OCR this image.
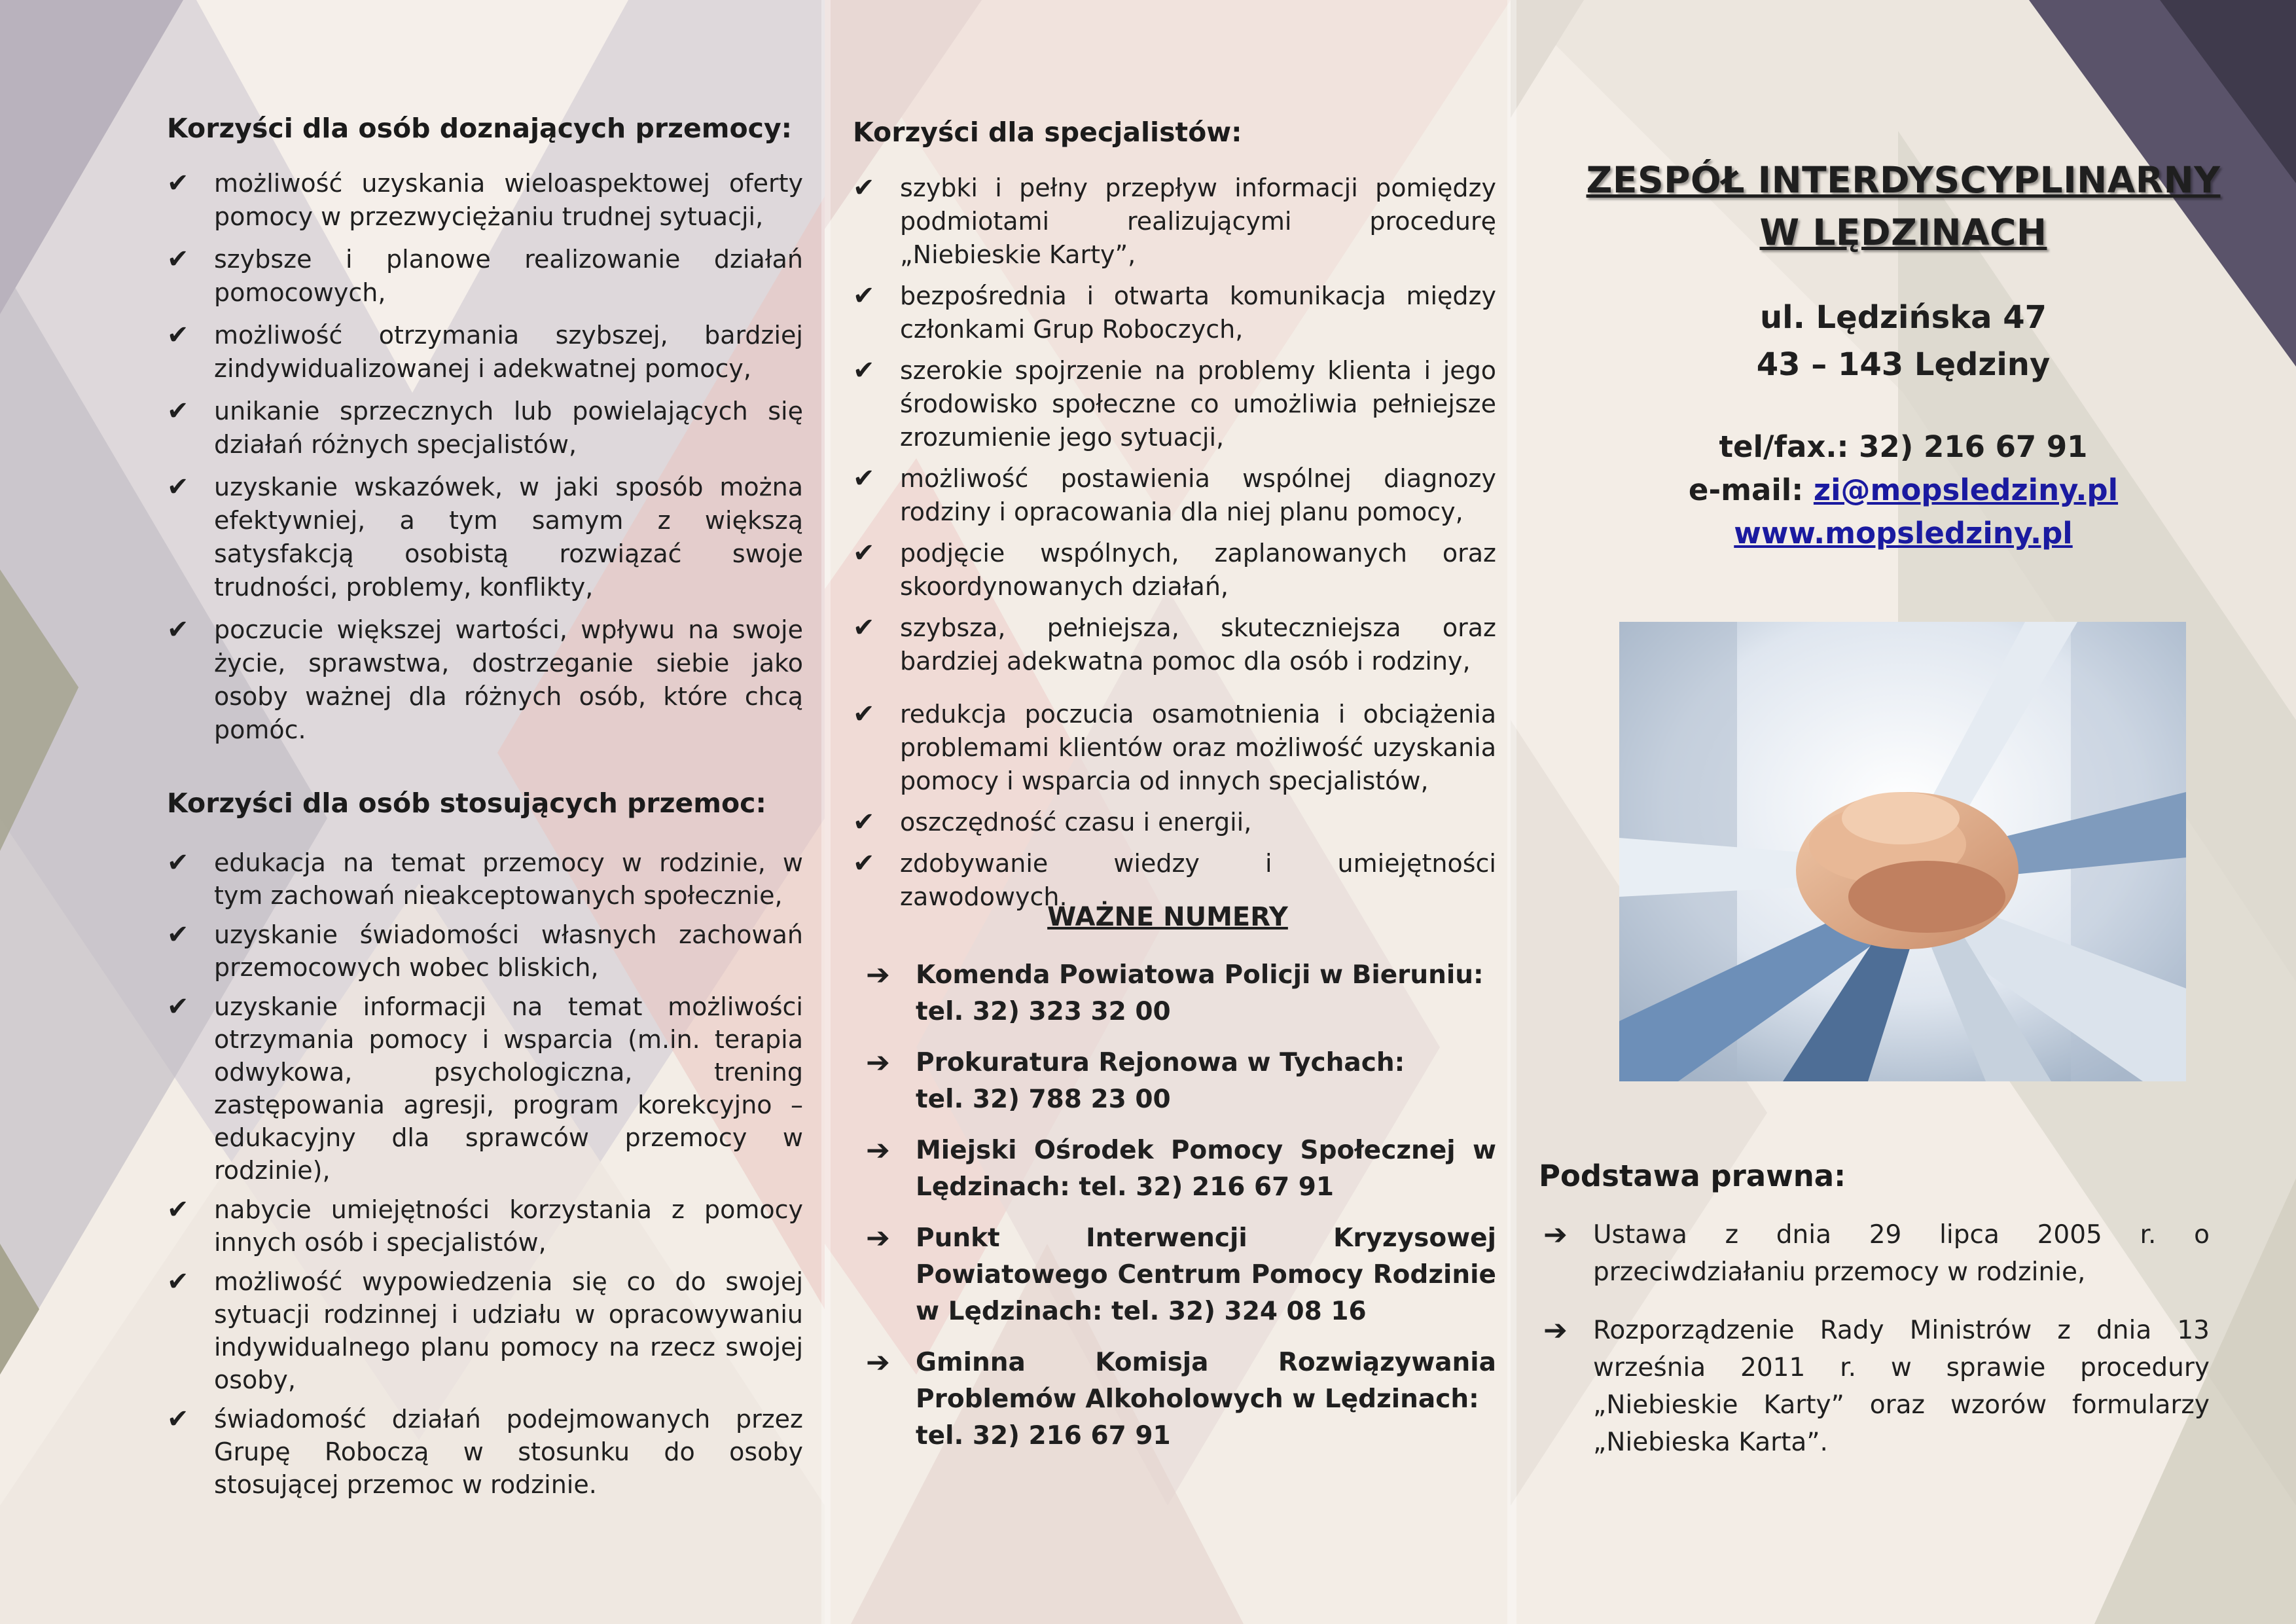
Korzyści dla osób doznających przemocy:
✔ możliwość uzyskania wieloaspektowej oferty pomocy w przezwyciężaniu trudnej sytuacji,
✔ szybsze i planowe realizowanie działań pomocowych,
✔ możliwość otrzymania szybszej, bardziej zindywidualizowanej i adekwatnej pomocy,
✔ unikanie sprzecznych lub powielających się działań różnych specjalistów,
✔ uzyskanie wskazówek, w jaki sposób można efektywniej, a tym samym z większą satysfakcją osobistą rozwiązać swoje trudności, problemy, konflikty,
✔ poczucie większej wartości, wpływu na swoje życie, sprawstwa, dostrzeganie siebie jako osoby ważnej dla różnych osób, które chcą pomóc.
Korzyści dla osób stosujących przemoc:
✔ edukacja na temat przemocy w rodzinie, w tym zachowań nieakceptowanych społecznie,
✔ uzyskanie świadomości własnych zachowań przemocowych wobec bliskich,
✔ uzyskanie informacji na temat możliwości otrzymania pomocy i wsparcia (m.in. terapia odwykowa, psychologiczna, trening zastępowania agresji, program korekcyjno – edukacyjny dla sprawców przemocy w rodzinie),
✔ nabycie umiejętności korzystania z pomocy innych osób i specjalistów,
✔ możliwość wypowiedzenia się co do swojej sytuacji rodzinnej i udziału w opracowywaniu indywidualnego planu pomocy na rzecz swojej osoby,
✔ świadomość działań podejmowanych przez Grupę Roboczą w stosunku do osoby stosującej przemoc w rodzinie.
Korzyści dla specjalistów:
✔ szybki i pełny przepływ informacji pomiędzy podmiotami realizującymi procedurę „Niebieskie Karty”,
✔ bezpośrednia i otwarta komunikacja między członkami Grup Roboczych,
✔ szerokie spojrzenie na problemy klienta i jego środowisko społeczne co umożliwia pełniejsze zrozumienie jego sytuacji,
✔ możliwość postawienia wspólnej diagnozy rodziny i opracowania dla niej planu pomocy,
✔ podjęcie wspólnych, zaplanowanych oraz skoordynowanych działań,
✔ szybsza, pełniejsza, skuteczniejsza oraz bardziej adekwatna pomoc dla osób i rodziny,
✔ redukcja poczucia osamotnienia i obciążenia problemami klientów oraz możliwość uzyskania pomocy i wsparcia od innych specjalistów,
✔ oszczędność czasu i energii,
✔ zdobywanie wiedzy i umiejętności zawodowych.
WAŻNE NUMERY
➔ Komenda Powiatowa Policji w Bieruniu:
tel. 32) 323 32 00
➔ Prokuratura Rejonowa w Tychach:
tel. 32) 788 23 00
➔ Miejski Ośrodek Pomocy Społecznej w Lędzinach: tel. 32) 216 67 91
➔ Punkt Interwencji Kryzysowej Powiatowego Centrum Pomocy Rodzinie w Lędzinach: tel. 32) 324 08 16
➔ Gminna Komisja Rozwiązywania Problemów Alkoholowych w Lędzinach:
tel. 32) 216 67 91
ZESPÓŁ INTERDYSCYPLINARNY
W LĘDZINACH
ul. Lędzińska 47
43 – 143 Lędziny
tel/fax.: 32) 216 67 91
e-mail: zi@mopsledziny.pl
www.mopsledziny.pl
Podstawa prawna:
➔ Ustawa z dnia 29 lipca 2005 r. o przeciwdziałaniu przemocy w rodzinie,
➔ Rozporządzenie Rady Ministrów z dnia 13 września 2011 r. w sprawie procedury „Niebieskie Karty” oraz wzorów formularzy „Niebieska Karta”.
